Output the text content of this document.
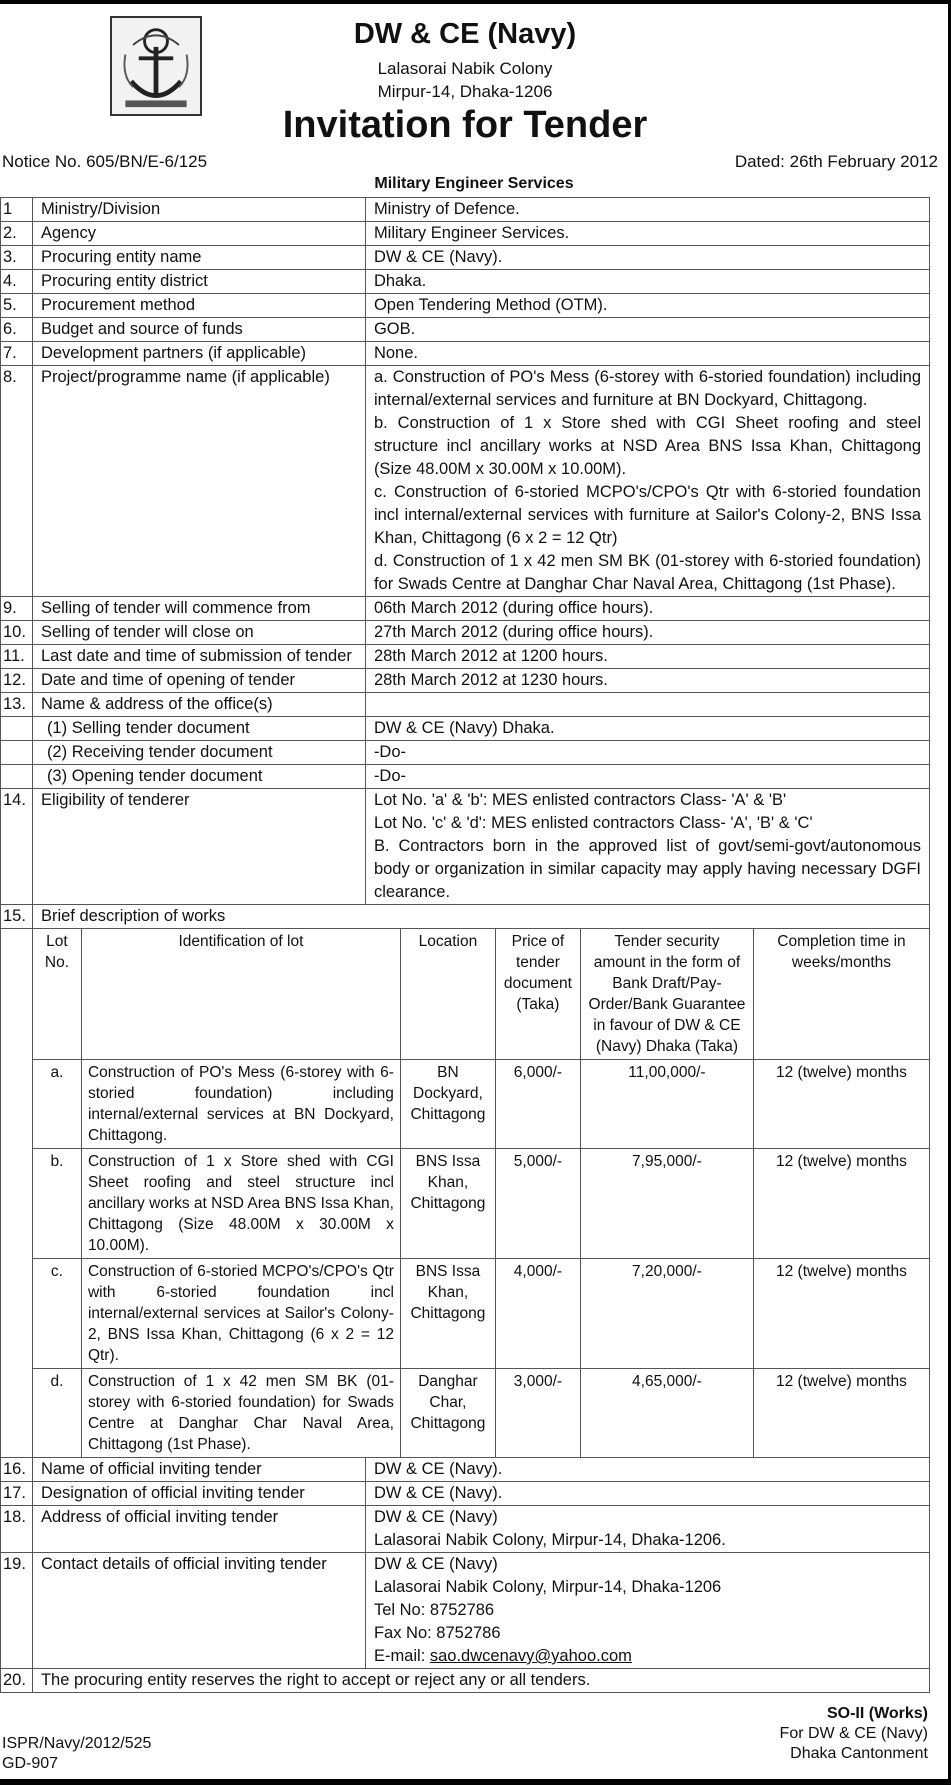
DW & CE (Navy)
Lalasorai Nabik Colony
Mirpur-14, Dhaka-1206
Invitation for Tender
Notice No. 605/BN/E-6/125	Dated: 26th February 2012
Military Engineer Services
1	Ministry/Division	Ministry of Defence.
2.	Agency	Military Engineer Services.
3.	Procuring entity name	DW & CE (Navy).
4.	Procuring entity district	Dhaka.
5.	Procurement method	Open Tendering Method (OTM).
6.	Budget and source of funds	GOB.
7.	Development partners (if applicable)	None.
8.	Project/programme name (if applicable)	a. Construction of PO's Mess (6-storey with 6-storied foundation) including internal/external services and furniture at BN Dockyard, Chittagong.
b. Construction of 1 x Store shed with CGI Sheet roofing and steel structure incl ancillary works at NSD Area BNS Issa Khan, Chittagong (Size 48.00M x 30.00M x 10.00M).
c. Construction of 6-storied MCPO's/CPO's Qtr with 6-storied foundation incl internal/external services with furniture at Sailor's Colony-2, BNS Issa Khan, Chittagong (6 x 2 = 12 Qtr)
d. Construction of 1 x 42 men SM BK (01-storey with 6-storied foundation) for Swads Centre at Danghar Char Naval Area, Chittagong (1st Phase).

9.	Selling of tender will commence from	06th March 2012 (during office hours).
10.	Selling of tender will close on	27th March 2012 (during office hours).
11.	Last date and time of submission of tender	28th March 2012 at 1200 hours.
12.	Date and time of opening of tender	28th March 2012 at 1230 hours.
13.	Name & address of the office(s)	
	(1) Selling tender document	DW & CE (Navy) Dhaka.
	(2) Receiving tender document	-Do-
	(3) Opening tender document	-Do-
14.	Eligibility of tenderer	Lot No. 'a' & 'b': MES enlisted contractors Class- 'A' & 'B'
Lot No. 'c' & 'd': MES enlisted contractors Class- 'A', 'B' & 'C'
B. Contractors born in the approved list of govt/semi-govt/autonomous body or organization in similar capacity may apply having necessary DGFI clearance.

15.	Brief description of works

Lot No.	Identification of lot	Location	Price of tender document (Taka)	Tender security amount in the form of Bank Draft/Pay-Order/Bank Guarantee in favour of DW & CE (Navy) Dhaka (Taka)	Completion time in weeks/months
a.	Construction of PO's Mess (6-storey with 6-storied foundation) including internal/external services at BN Dockyard, Chittagong.	BN Dockyard, Chittagong	6,000/-	11,00,000/-	12 (twelve) months
b.	Construction of 1 x Store shed with CGI Sheet roofing and steel structure incl ancillary works at NSD Area BNS Issa Khan, Chittagong (Size 48.00M x 30.00M x 10.00M).	BNS Issa Khan, Chittagong	5,000/-	7,95,000/-	12 (twelve) months
c.	Construction of 6-storied MCPO's/CPO's Qtr with 6-storied foundation incl internal/external services at Sailor's Colony-2, BNS Issa Khan, Chittagong (6 x 2 = 12 Qtr).	BNS Issa Khan, Chittagong	4,000/-	7,20,000/-	12 (twelve) months
d.	Construction of 1 x 42 men SM BK (01-storey with 6-storied foundation) for Swads Centre at Danghar Char Naval Area, Chittagong (1st Phase).	Danghar Char, Chittagong	3,000/-	4,65,000/-	12 (twelve) months

16.	Name of official inviting tender	DW & CE (Navy).
17.	Designation of official inviting tender	DW & CE (Navy).
18.	Address of official inviting tender	DW & CE (Navy)
Lalasorai Nabik Colony, Mirpur-14, Dhaka-1206.

19.	Contact details of official inviting tender	DW & CE (Navy)
Lalasorai Nabik Colony, Mirpur-14, Dhaka-1206
Tel No: 8752786
Fax No: 8752786
E-mail: sao.dwcenavy@yahoo.com

20.	The procuring entity reserves the right to accept or reject any or all tenders.
ISPR/Navy/2012/525
GD-907
SO-II (Works)
For DW & CE (Navy)
Dhaka Cantonment
